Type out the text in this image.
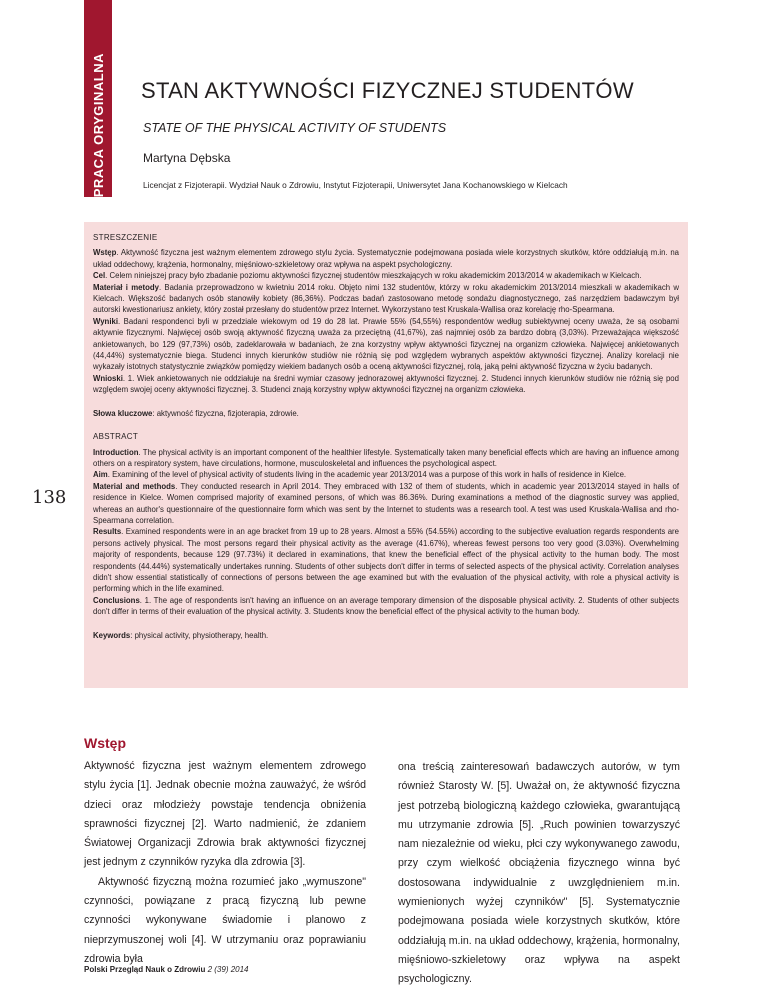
PRACA ORYGINALNA STAN AKTYWNOŚCI FIZYCZNEJ STUDENTÓW
STATE OF THE PHYSICAL ACTIVITY OF STUDENTS
Martyna Dębska
Licencjat z Fizjoterapii. Wydział Nauk o Zdrowiu, Instytut Fizjoterapii, Uniwersytet Jana Kochanowskiego w Kielcach
138
STRESZCZENIE

Wstęp. Aktywność fizyczna jest ważnym elementem zdrowego stylu życia. Systematycznie podejmowana posiada wiele korzystnych skutków, które oddziałują m.in. na układ oddechowy, krążenia, hormonalny, mięśniowo-szkieletowy oraz wpływa na aspekt psychologiczny.

Cel. Celem niniejszej pracy było zbadanie poziomu aktywności fizycznej studentów mieszkających w roku akademickim 2013/2014 w akademikach w Kielcach.

Materiał i metody. Badania przeprowadzono w kwietniu 2014 roku. Objęto nimi 132 studentów, którzy w roku akademickim 2013/2014 mieszkali w akademikach w Kielcach. Większość badanych osób stanowiły kobiety (86,36%). Podczas badań zastosowano metodę sondażu diagnostycznego, zaś narzędziem badawczym był autorski kwestionariusz ankiety, który został przesłany do studentów przez Internet. Wykorzystano test Kruskala-Wallisa oraz korelację rho-Spearmana.

Wyniki. Badani respondenci byli w przedziale wiekowym od 19 do 28 lat. Prawie 55% (54,55%) respondentów według subiektywnej oceny uważa, że są osobami aktywnie fizycznymi. Najwięcej osób swoją aktywność fizyczną uważa za przeciętną (41,67%), zaś najmniej osób za bardzo dobrą (3,03%). Przeważająca większość ankietowanych, bo 129 (97,73%) osób, zadeklarowała w badaniach, że zna korzystny wpływ aktywności fizycznej na organizm człowieka. Najwięcej ankietowanych (44,44%) systematycznie biega. Studenci innych kierunków studiów nie różnią się pod względem wybranych aspektów aktywności fizycznej. Analizy korelacji nie wykazały istotnych statystycznie związków pomiędzy wiekiem badanych osób a oceną aktywności fizycznej, rolą, jaką pełni aktywność fizyczna w życiu badanych.

Wnioski. 1. Wiek ankietowanych nie oddziałuje na średni wymiar czasowy jednorazowej aktywności fizycznej. 2. Studenci innych kierunków studiów nie różnią się pod względem swojej oceny aktywności fizycznej. 3. Studenci znają korzystny wpływ aktywności fizycznej na organizm człowieka.

Słowa kluczowe: aktywność fizyczna, fizjoterapia, zdrowie.

ABSTRACT

Introduction. The physical activity is an important component of the healthier lifestyle. Systematically taken many beneficial effects which are having an influence among others on a respiratory system, have circulations, hormone, musculoskeletal and influences the psychological aspect.

Aim. Examining of the level of physical activity of students living in the academic year 2013/2014 was a purpose of this work in halls of residence in Kielce.

Material and methods. They conducted research in April 2014. They embraced with 132 of them of students, which in academic year 2013/2014 stayed in halls of residence in Kielce. Women comprised majority of examined persons, of which was 86.36%. During examinations a method of the diagnostic survey was applied, whereas an author's questionnaire of the questionnaire form which was sent by the Internet to students was a research tool. A test was used Kruskala-Wallisa and rho-Spearmana correlation.

Results. Examined respondents were in an age bracket from 19 up to 28 years. Almost a 55% (54.55%) according to the subjective evaluation regards respondents are persons actively physical. The most persons regard their physical activity as the average (41.67%), whereas fewest persons too very good (3.03%). Overwhelming majority of respondents, because 129 (97.73%) it declared in examinations, that knew the beneficial effect of the physical activity to the human body. The most respondents (44.44%) systematically undertakes running. Students of other subjects don't differ in terms of selected aspects of the physical activity. Correlation analyses didn't show essential statistically of connections of persons between the age examined but with the evaluation of the physical activity, with role a physical activity is performing which in the life examined.

Conclusions. 1. The age of respondents isn't having an influence on an average temporary dimension of the disposable physical activity. 2. Students of other subjects don't differ in terms of their evaluation of the physical activity. 3. Students know the beneficial effect of the physical activity to the human body.

Keywords: physical activity, physiotherapy, health.

Wstęp

Aktywność fizyczna jest ważnym elementem zdrowego stylu życia [1]. Jednak obecnie można zauważyć, że wśród dzieci oraz młodzieży powstaje tendencja obniżenia sprawności fizycznej [2]. Warto nadmienić, że zdaniem Światowej Organizacji Zdrowia brak aktywności fizycznej jest jednym z czynników ryzyka dla zdrowia [3].

Aktywność fizyczną można rozumieć jako „wymuszone" czynności, powiązane z pracą fizyczną lub pewne czynności wykonywane świadomie i planowo z nieprzymuszonej woli [4]. W utrzymaniu oraz poprawianiu zdrowia była

ona treścią zainteresowań badawczych autorów, w tym również Starosty W. [5]. Uważał on, że aktywność fizyczna jest potrzebą biologiczną każdego człowieka, gwarantującą mu utrzymanie zdrowia [5]. „Ruch powinien towarzyszyć nam niezależnie od wieku, płci czy wykonywanego zawodu, przy czym wielkość obciążenia fizycznego winna być dostosowana indywidualnie z uwzględnieniem m.in. wymienionych wyżej czynników" [5]. Systematycznie podejmowana posiada wiele korzystnych skutków, które oddziałują m.in. na układ oddechowy, krążenia, hormonalny, mięśniowo-szkieletowy oraz wpływa na aspekt psychologiczny.

Polski Przegląd Nauk o Zdrowiu 2 (39) 2014
